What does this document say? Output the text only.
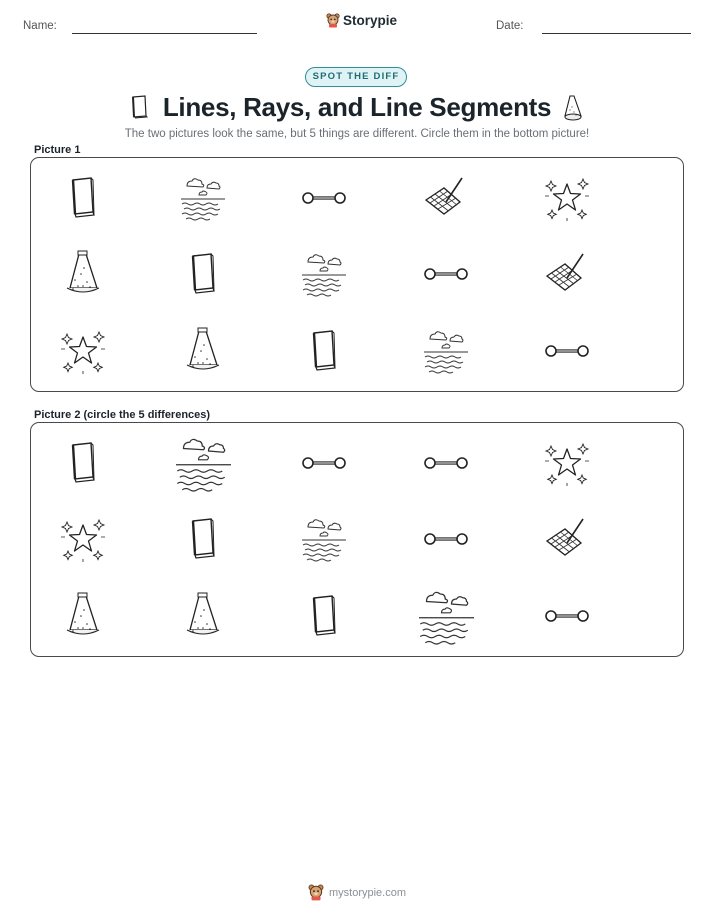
Name:	Storypie	Date:
SPOT THE DIFF
Lines, Rays, and Line Segments
The two pictures look the same, but 5 things are different. Circle them in the bottom picture!
Picture 1
Picture 2 (circle the 5 differences)
mystorypie.com
